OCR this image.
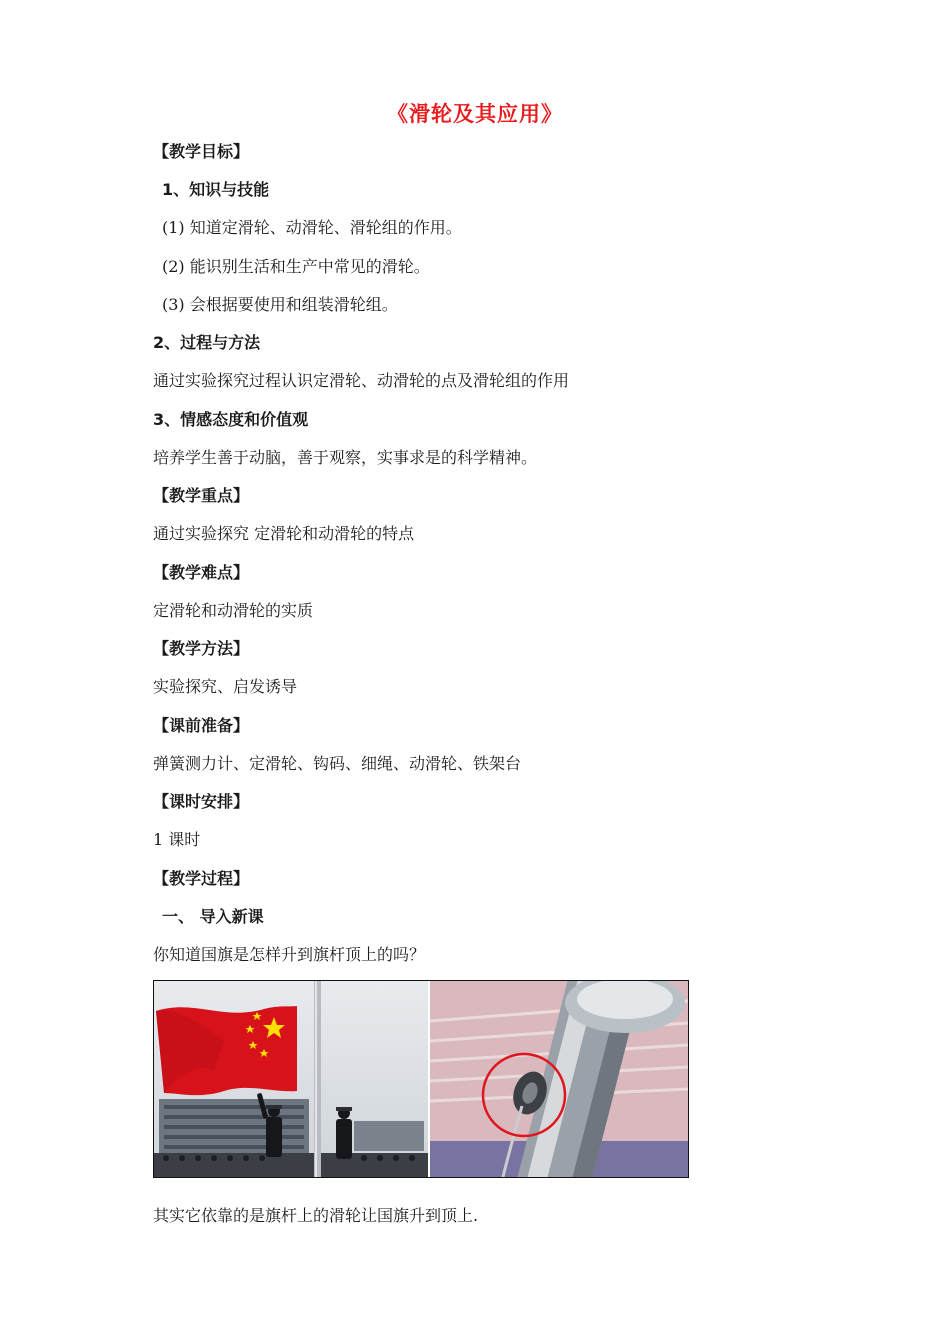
《滑轮及其应用》
【教学目标】
1、知识与技能
(1) 知道定滑轮、动滑轮、滑轮组的作用。
(2) 能识别生活和生产中常见的滑轮。
(3) 会根据要使用和组装滑轮组。
2、过程与方法
通过实验探究过程认识定滑轮、动滑轮的点及滑轮组的作用
3、情感态度和价值观
培养学生善于动脑，善于观察，实事求是的科学精神。
【教学重点】
通过实验探究 定滑轮和动滑轮的特点
【教学难点】
定滑轮和动滑轮的实质
【教学方法】
实验探究、启发诱导
【课前准备】
弹簧测力计、定滑轮、钩码、细绳、动滑轮、铁架台
【课时安排】
1 课时
【教学过程】
一、 导入新课
你知道国旗是怎样升到旗杆顶上的吗？
其实它依靠的是旗杆上的滑轮让国旗升到顶上.
